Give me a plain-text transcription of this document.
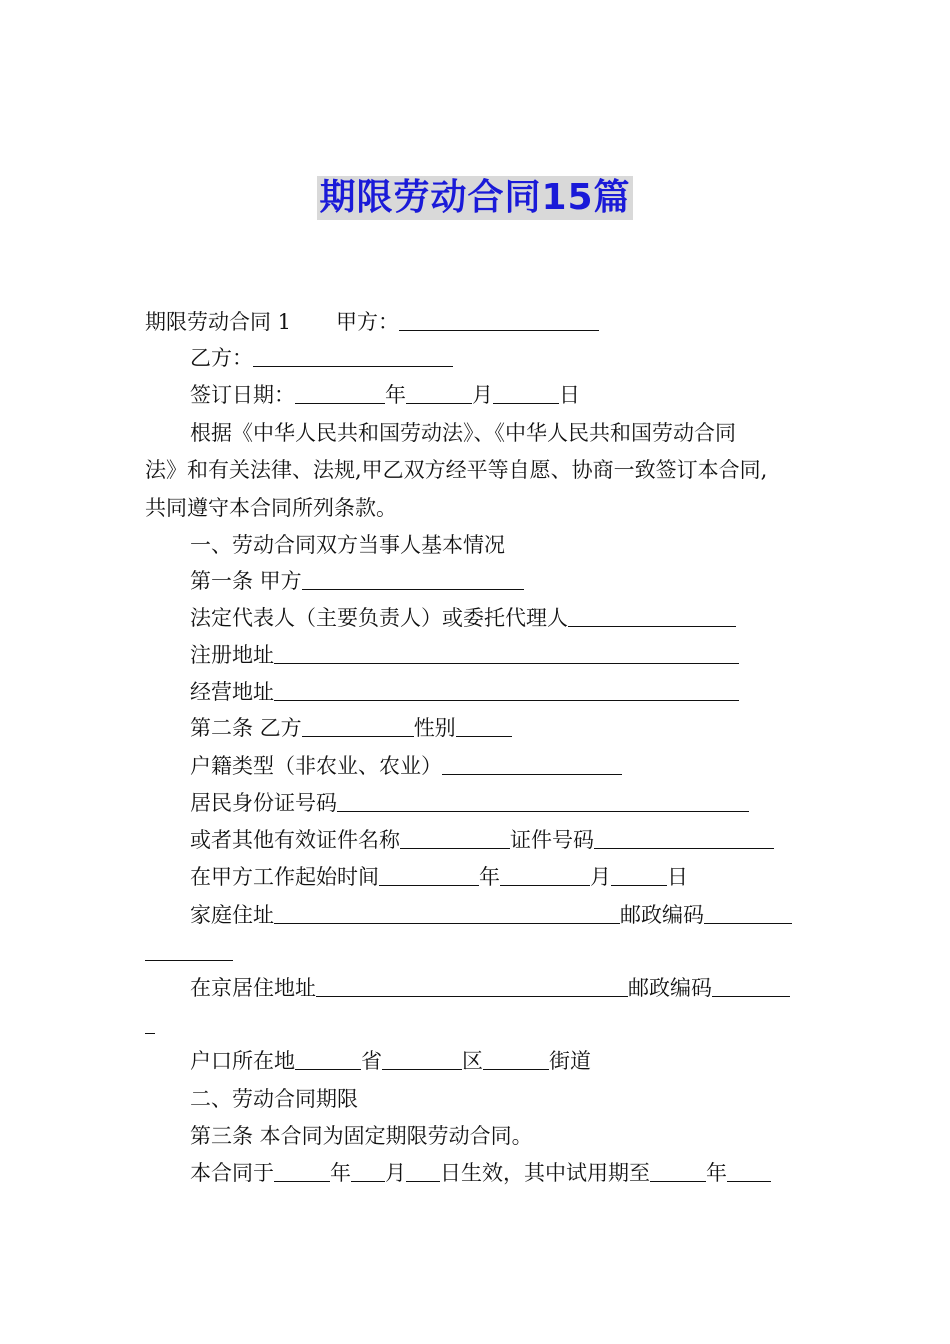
期限劳动合同15篇
期限劳动合同 1 甲方：
乙方：
签订日期：	年	月	日
根据《中华人民共和国劳动法》、《中华人民共和国劳动合同
法》和有关法律、法规,甲乙双方经平等自愿、协商一致签订本合同,
共同遵守本合同所列条款。
一、劳动合同双方当事人基本情况
第一条 甲方
法定代表人（主要负责人）或委托代理人
注册地址
经营地址
第二条 乙方	性别
户籍类型（非农业、农业）
居民身份证号码
或者其他有效证件名称	证件号码
在甲方工作起始时间	年	月	日
家庭住址	邮政编码
在京居住地址	邮政编码
户口所在地	省	区	街道
二、劳动合同期限
第三条 本合同为固定期限劳动合同。
本合同于	年 月 日生效，其中试用期至	年
